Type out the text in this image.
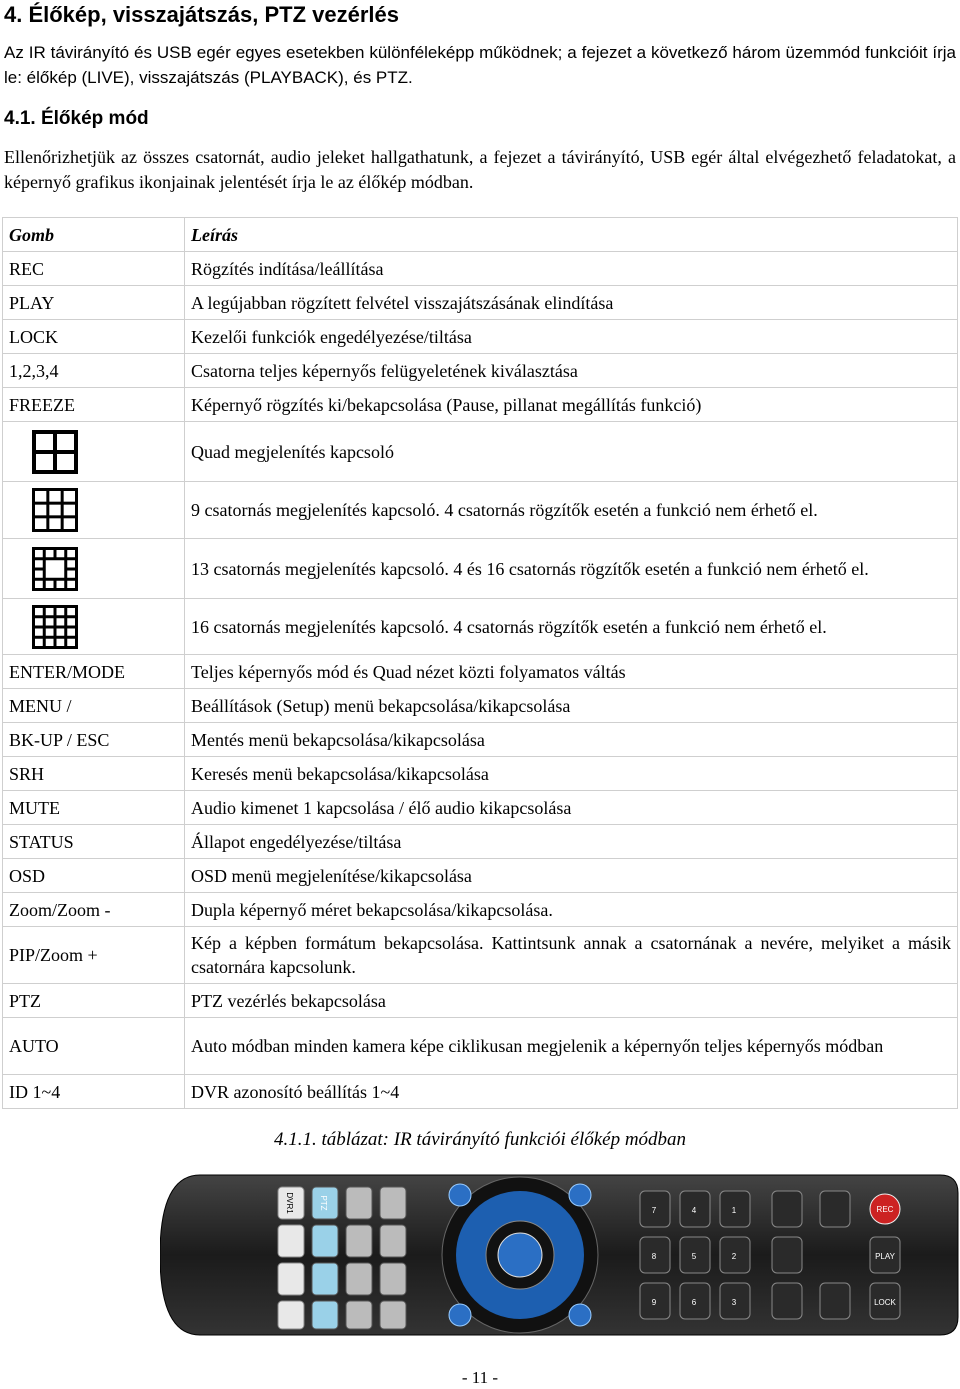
4. Élőkép, visszajátszás, PTZ vezérlés

Az IR távirányító és USB egér egyes esetekben különféleképp működnek; a fejezet a következő három üzemmód funkcióit írja le: élőkép (LIVE), visszajátszás (PLAYBACK), és PTZ.

4.1. Élőkép mód

Ellenőrizhetjük az összes csatornát, audio jeleket hallgathatunk, a fejezet a távirányító, USB egér által elvégezhető feladatokat, a képernyő grafikus ikonjainak jelentését írja le az élőkép módban.

Gomb	Leírás
REC	Rögzítés indítása/leállítása
PLAY	A legújabban rögzített felvétel visszajátszásának elindítása
LOCK	Kezelői funkciók engedélyezése/tiltása
1,2,3,4	Csatorna teljes képernyős felügyeletének kiválasztása
FREEZE	Képernyő rögzítés ki/bekapcsolása (Pause, pillanat megállítás funkció)

	Quad megjelenítés kapcsoló

	9 csatornás megjelenítés kapcsoló. 4 csatornás rögzítők esetén a funkció nem érhető el.

	13 csatornás megjelenítés kapcsoló. 4 és 16 csatornás rögzítők esetén a funkció nem érhető el.

	16 csatornás megjelenítés kapcsoló. 4 csatornás rögzítők esetén a funkció nem érhető el.
ENTER/MODE	Teljes képernyős mód és Quad nézet közti folyamatos váltás
MENU /	Beállítások (Setup) menü bekapcsolása/kikapcsolása
BK-UP / ESC	Mentés menü bekapcsolása/kikapcsolása
SRH	Keresés menü bekapcsolása/kikapcsolása
MUTE	Audio kimenet 1 kapcsolása / élő audio kikapcsolása
STATUS	Állapot engedélyezése/tiltása
OSD	OSD menü megjelenítése/kikapcsolása
Zoom/Zoom -	Dupla képernyő méret bekapcsolása/kikapcsolása.
PIP/Zoom +	Kép a képben formátum bekapcsolása. Kattintsunk annak a csatornának a nevére, melyiket a másik csatornára kapcsolunk.
PTZ	PTZ vezérlés bekapcsolása
AUTO	Auto módban minden kamera képe ciklikusan megjelenik a képernyőn teljes képernyős módban
ID 1~4	DVR azonosító beállítás 1~4
4.1.1. táblázat: IR távirányító funkciói élőkép módban
DVR1	PTZ	7	4	1
8	5	2
9	6	3
REC
PLAY
LOCK
- 11 -
